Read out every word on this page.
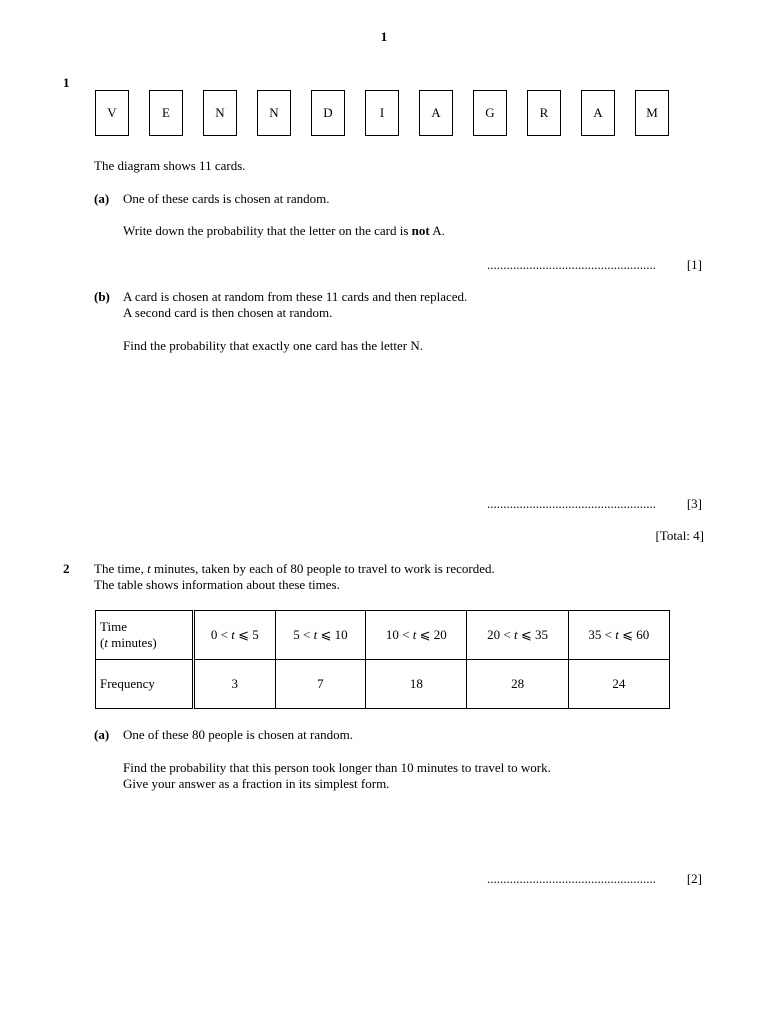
1
1
V	E	N	N	D	I	A	G	R	A	M
The diagram shows 11 cards.
(a) One of these cards is chosen at random.
Write down the probability that the letter on the card is not A.
....................................................	[1]
(b) A card is chosen at random from these 11 cards and then replaced.
A second card is then chosen at random.
Find the probability that exactly one card has the letter N.
....................................................	[3]
[Total: 4]
2 The time, t minutes, taken by each of 80 people to travel to work is recorded.
The table shows information about these times.
Time
(t minutes)	0 < t ⩽ 5	5 < t ⩽ 10	10 < t ⩽ 20	20 < t ⩽ 35	35 < t ⩽ 60
Frequency	3	7	18	28	24
(a) One of these 80 people is chosen at random.
Find the probability that this person took longer than 10 minutes to travel to work.
Give your answer as a fraction in its simplest form.
....................................................	[2]
